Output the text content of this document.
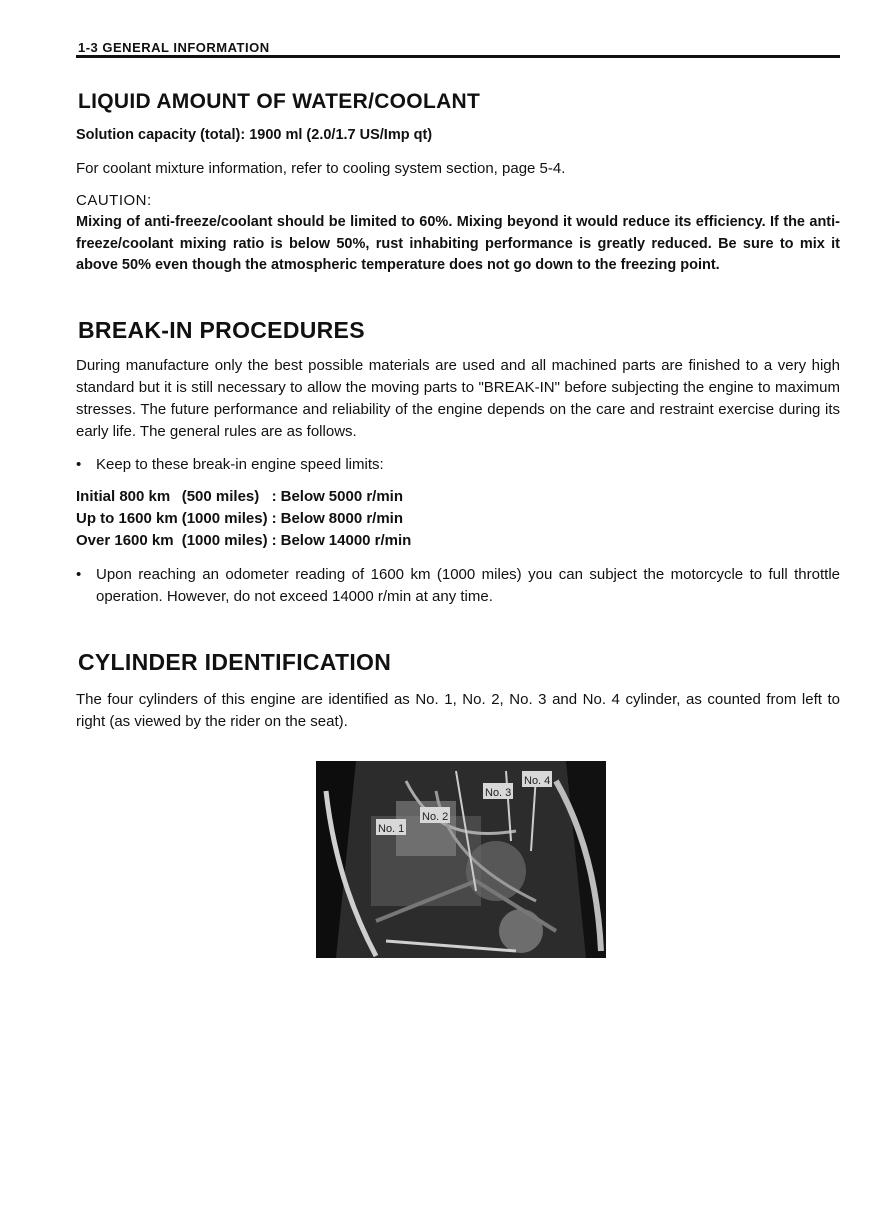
1-3 GENERAL INFORMATION
LIQUID AMOUNT OF WATER/COOLANT

Solution capacity (total): 1900 ml (2.0/1.7 US/Imp qt)

For coolant mixture information, refer to cooling system section, page 5-4.

CAUTION:

Mixing of anti-freeze/coolant should be limited to 60%. Mixing beyond it would reduce its efficiency. If the anti-freeze/coolant mixing ratio is below 50%, rust inhabiting performance is greatly reduced. Be sure to mix it above 50% even though the atmospheric temperature does not go down to the freezing point.

BREAK-IN PROCEDURES

During manufacture only the best possible materials are used and all machined parts are finished to a very high standard but it is still necessary to allow the moving parts to "BREAK-IN" before subjecting the engine to maximum stresses. The future performance and reliability of the engine depends on the care and restraint exercise during its early life. The general rules are as follows.

• Keep to these break-in engine speed limits:
Initial 800 km	(500 miles)	:	Below	5000 r/min
Up to 1600 km	(1000 miles)	:	Below	8000 r/min
Over 1600 km	(1000 miles)	:	Below	14000 r/min
• Upon reaching an odometer reading of 1600 km (1000 miles) you can subject the motorcycle to full throttle operation. However, do not exceed 14000 r/min at any time.
CYLINDER IDENTIFICATION

The four cylinders of this engine are identified as No. 1, No. 2, No. 3 and No. 4 cylinder, as counted from left to right (as viewed by the rider on the seat).

No. 1
No. 2
No. 3
No. 4
